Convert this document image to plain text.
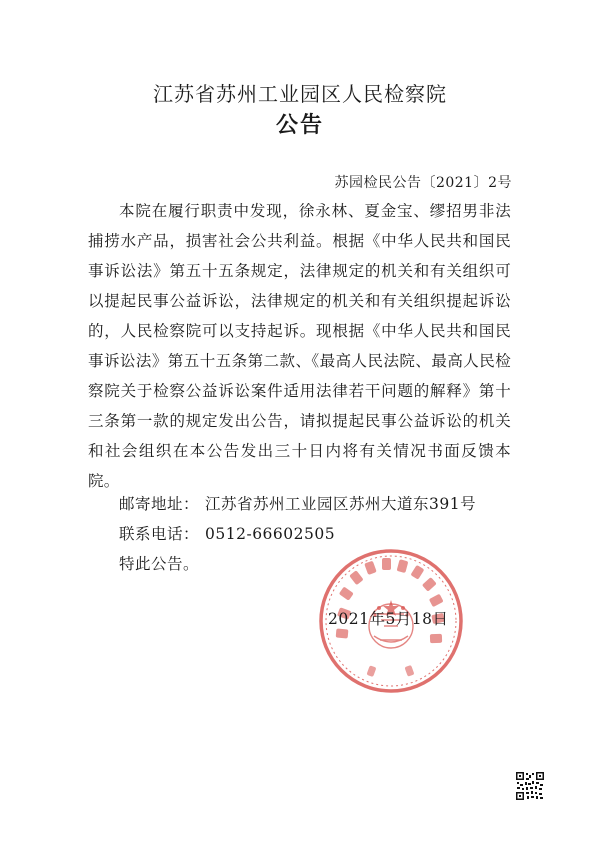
江苏省苏州工业园区人民检察院
公告
苏园检民公告〔2021〕2号

本院在履行职责中发现，徐永林、夏金宝、缪招男非法捕捞水产品，损害社会公共利益。根据《中华人民共和国民事诉讼法》第五十五条规定，法律规定的机关和有关组织可以提起民事公益诉讼，法律规定的机关和有关组织提起诉讼的，人民检察院可以支持起诉。现根据《中华人民共和国民事诉讼法》第五十五条第二款、《最高人民法院、最高人民检察院关于检察公益诉讼案件适用法律若干问题的解释》第十三条第一款的规定发出公告，请拟提起民事公益诉讼的机关和社会组织在本公告发出三十日内将有关情况书面反馈本院。

邮寄地址： 江苏省苏州工业园区苏州大道东391号

联系电话： 0512-66602505

特此公告。

2021年5月18日
